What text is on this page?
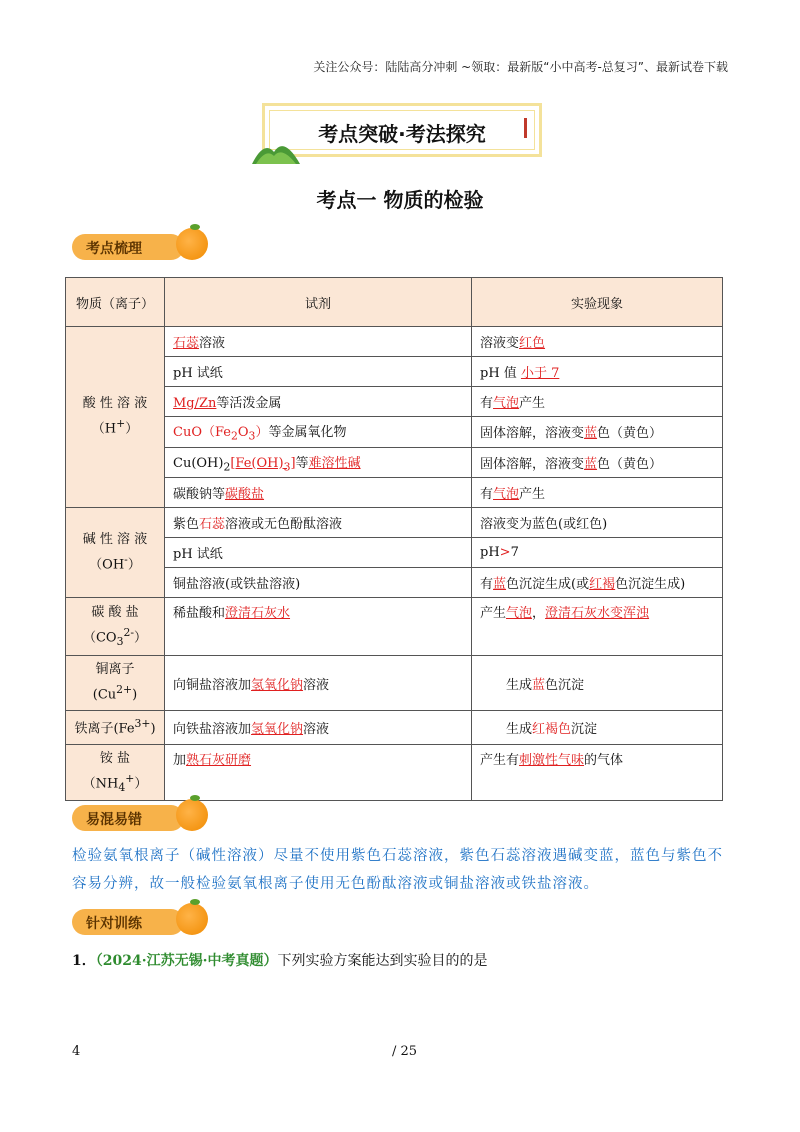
关注公众号：陆陆高分冲刺 ~领取：最新版“小中高考-总复习”、最新试卷下载
考点突破·考法探究
考点一 物质的检验
考点梳理
物质（离子）	试剂	实验现象
酸 性 溶 液
（H+）	石蕊溶液	溶液变红色
	pH 试纸	pH 值 小于 7
	Mg/Zn等活泼金属	有气泡产生
	$CuO(Fe_2O_3)$等金属氧化物	固体溶解，溶液变蓝色（黄色）
	$Cu(OH)_2[Fe(OH)_3]$等难溶性碱	固体溶解，溶液变蓝色（黄色）
	碳酸钠等碳酸盐	有气泡产生
碱 性 溶 液
（OH-）	紫色石蕊溶液或无色酚酞溶液	溶液变为蓝色(或红色)
	pH 试纸	pH>7
	铜盐溶液(或铁盐溶液)	有蓝色沉淀生成(或红褐色沉淀生成)
碳 酸 盐
$(CO_3^{2-})$	稀盐酸和澄清石灰水	产生气泡，澄清石灰水变浑浊
铜离子$(Cu^{2+})$	向铜盐溶液加氢氧化钠溶液	生成蓝色沉淀
铁离子$(Fe^{3+})$	向铁盐溶液加氢氧化钠溶液	生成红褐色沉淀
铵 盐
$(NH_4^+)$	加熟石灰研磨	产生有刺激性气味的气体
易混易错
检验氨氧根离子（碱性溶液）尽量不使用紫色石蕊溶液，紫色石蕊溶液遇碱变蓝，蓝色与紫色不容易分辨，故一般检验氨氧根离子使用无色酚酞溶液或铜盐溶液或铁盐溶液。
针对训练
1．（2024·江苏无锡·中考真题）下列实验方案能达到实验目的的是
4	/ 25
